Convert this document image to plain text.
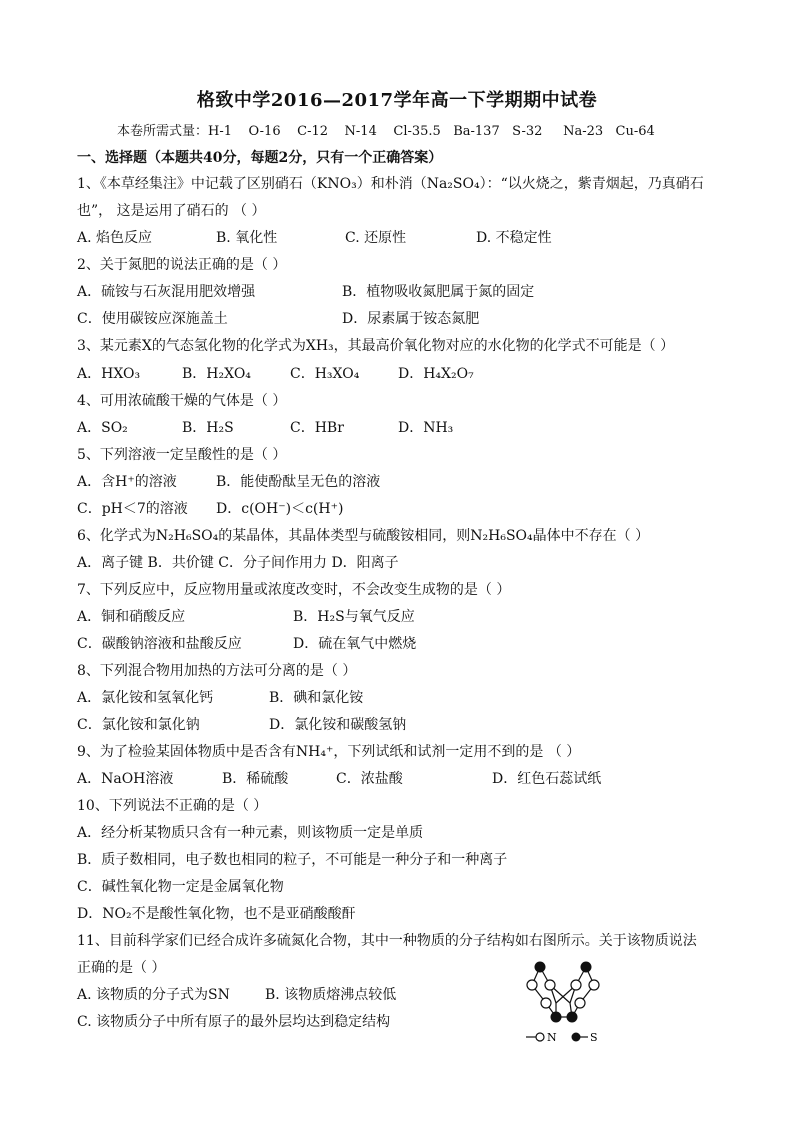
格致中学2016—2017学年高一下学期期中试卷
本卷所需式量：H-1    O-16    C-12    N-14    Cl-35.5   Ba-137   S-32     Na-23   Cu-64
一、选择题（本题共40分，每题2分，只有一个正确答案）
1、《本草经集注》中记载了区别硝石（KNO₃）和朴消（Na₂SO₄）：“以火烧之，紫青烟起，乃真硝石
也”， 这是运用了硝石的 （ ）
A. 焰色反应	B. 氧化性	C. 还原性	D. 不稳定性
2、关于氮肥的说法正确的是（ ）
A．硫铵与石灰混用肥效增强	B．植物吸收氮肥属于氮的固定
C．使用碳铵应深施盖土	D．尿素属于铵态氮肥
3、某元素X的气态氢化物的化学式为XH₃，其最高价氧化物对应的水化物的化学式不可能是（ ）
A．HXO₃	B．H₂XO₄	C．H₃XO₄	D．H₄X₂O₇
4、可用浓硫酸干燥的气体是（ ）
A．SO₂	B．H₂S	C．HBr	D．NH₃
5、下列溶液一定呈酸性的是（ ）
A．含H⁺的溶液	B．能使酚酞呈无色的溶液
C．pH＜7的溶液 D．c(OH⁻)＜c(H⁺)
6、化学式为N₂H₆SO₄的某晶体，其晶体类型与硫酸铵相同，则N₂H₆SO₄晶体中不存在（ ）
A．离子键 B．共价键 C．分子间作用力 D．阳离子
7、下列反应中，反应物用量或浓度改变时，不会改变生成物的是（ ）
A．铜和硝酸反应	B．H₂S与氧气反应
C．碳酸钠溶液和盐酸反应	D．硫在氧气中燃烧
8、下列混合物用加热的方法可分离的是（ ）
A．氯化铵和氢氧化钙	B．碘和氯化铵
C．氯化铵和氯化钠	D．氯化铵和碳酸氢钠
9、为了检验某固体物质中是否含有NH₄⁺，下列试纸和试剂一定用不到的是 （ ）
A．NaOH溶液	B．稀硫酸	C．浓盐酸	D．红色石蕊试纸
10、下列说法不正确的是（ ）
A．经分析某物质只含有一种元素，则该物质一定是单质
B．质子数相同，电子数也相同的粒子，不可能是一种分子和一种离子
C．碱性氧化物一定是金属氧化物
D．NO₂不是酸性氧化物，也不是亚硝酸酸酐
11、目前科学家们已经合成许多硫氮化合物，其中一种物质的分子结构如右图所示。关于该物质说法
正确的是（ ）
A. 该物质的分子式为SN	B. 该物质熔沸点较低
C. 该物质分子中所有原子的最外层均达到稳定结构
N	S
